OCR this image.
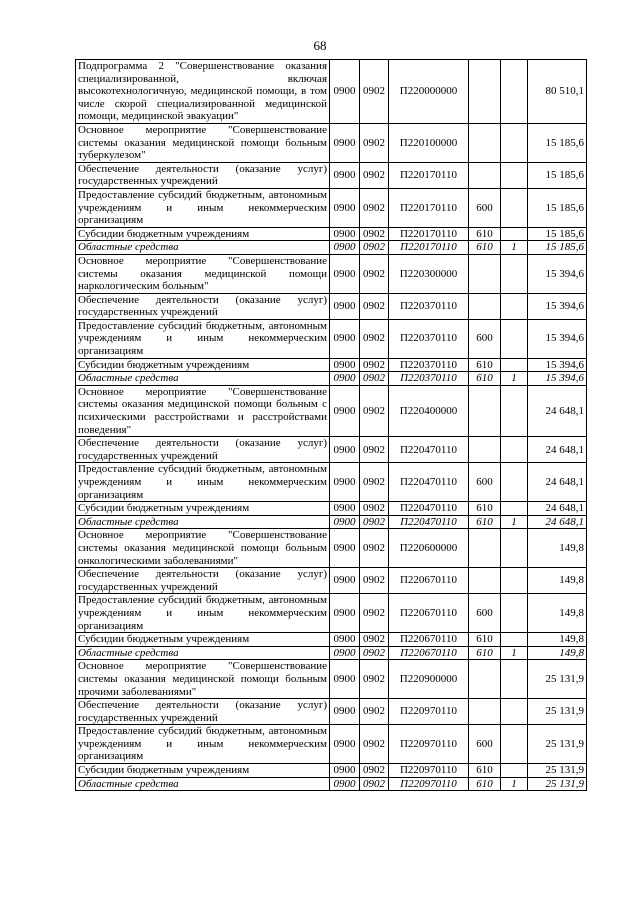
68
Подпрограмма 2 "Совершенствование оказания специализированной, включая высокотехнологичную, медицинской помощи, в том числе скорой специализированной медицинской помощи, медицинской эвакуации"	0900	0902	П220000000			80 510,1
Основное мероприятие "Совершенствование системы оказания медицинской помощи больным туберкулезом"	0900	0902	П220100000			15 185,6
Обеспечение деятельности (оказание услуг) государственных учреждений	0900	0902	П220170110			15 185,6
Предоставление субсидий бюджетным, автономным учреждениям и иным некоммерческим организациям	0900	0902	П220170110	600		15 185,6
Субсидии бюджетным учреждениям	0900	0902	П220170110	610		15 185,6
Областные средства	0900	0902	П220170110	610	1	15 185,6
Основное мероприятие "Совершенствование системы оказания медицинской помощи наркологическим больным"	0900	0902	П220300000			15 394,6
Обеспечение деятельности (оказание услуг) государственных учреждений	0900	0902	П220370110			15 394,6
Предоставление субсидий бюджетным, автономным учреждениям и иным некоммерческим организациям	0900	0902	П220370110	600		15 394,6
Субсидии бюджетным учреждениям	0900	0902	П220370110	610		15 394,6
Областные средства	0900	0902	П220370110	610	1	15 394,6
Основное мероприятие "Совершенствование системы оказания медицинской помощи больным с психическими расстройствами и расстройствами поведения"	0900	0902	П220400000			24 648,1
Обеспечение деятельности (оказание услуг) государственных учреждений	0900	0902	П220470110			24 648,1
Предоставление субсидий бюджетным, автономным учреждениям и иным некоммерческим организациям	0900	0902	П220470110	600		24 648,1
Субсидии бюджетным учреждениям	0900	0902	П220470110	610		24 648,1
Областные средства	0900	0902	П220470110	610	1	24 648,1
Основное мероприятие "Совершенствование системы оказания медицинской помощи больным онкологическими заболеваниями"	0900	0902	П220600000			149,8
Обеспечение деятельности (оказание услуг) государственных учреждений	0900	0902	П220670110			149,8
Предоставление субсидий бюджетным, автономным учреждениям и иным некоммерческим организациям	0900	0902	П220670110	600		149,8
Субсидии бюджетным учреждениям	0900	0902	П220670110	610		149,8
Областные средства	0900	0902	П220670110	610	1	149,8
Основное мероприятие "Совершенствование системы оказания медицинской помощи больным прочими заболеваниями"	0900	0902	П220900000			25 131,9
Обеспечение деятельности (оказание услуг) государственных учреждений	0900	0902	П220970110			25 131,9
Предоставление субсидий бюджетным, автономным учреждениям и иным некоммерческим организациям	0900	0902	П220970110	600		25 131,9
Субсидии бюджетным учреждениям	0900	0902	П220970110	610		25 131,9
Областные средства	0900	0902	П220970110	610	1	25 131,9
